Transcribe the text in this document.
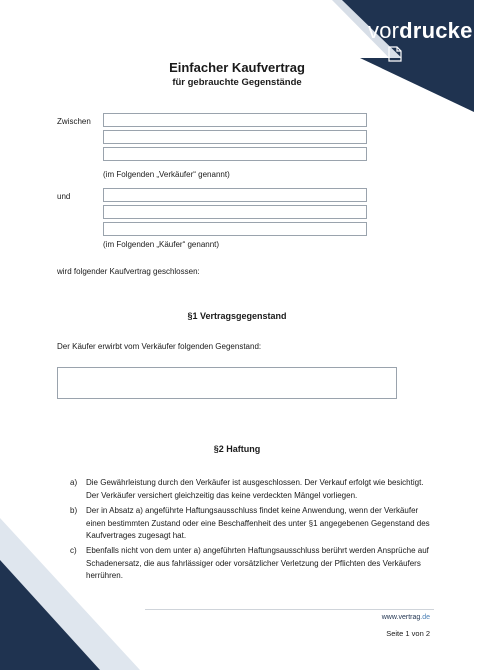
vordrucke.de
Einfacher Kaufvertrag
für gebrauchte Gegenstände
Zwischen
(im Folgenden „Verkäufer“ genannt)
und
(im Folgenden „Käufer“ genannt)
wird folgender Kaufvertrag geschlossen:
§1 Vertragsgegenstand
Der Käufer erwirbt vom Verkäufer folgenden Gegenstand:
§2 Haftung
a)	Die Gewährleistung durch den Verkäufer ist ausgeschlossen. Der Verkauf erfolgt wie besichtigt. Der Verkäufer versichert gleichzeitig das keine verdeckten Mängel vorliegen.
b)	Der in Absatz a) angeführte Haftungsausschluss findet keine Anwendung, wenn der Verkäufer einen bestimmten Zustand oder eine Beschaffenheit des unter §1 angegebenen Gegenstand des Kaufvertrages zugesagt hat.
c)	Ebenfalls nicht von dem unter a) angeführten Haftungsausschluss berührt werden Ansprüche auf Schadenersatz, die aus fahrlässiger oder vorsätzlicher Verletzung der Pflichten des Verkäufers herrühren.
www.vertrag.de
Seite 1 von 2
